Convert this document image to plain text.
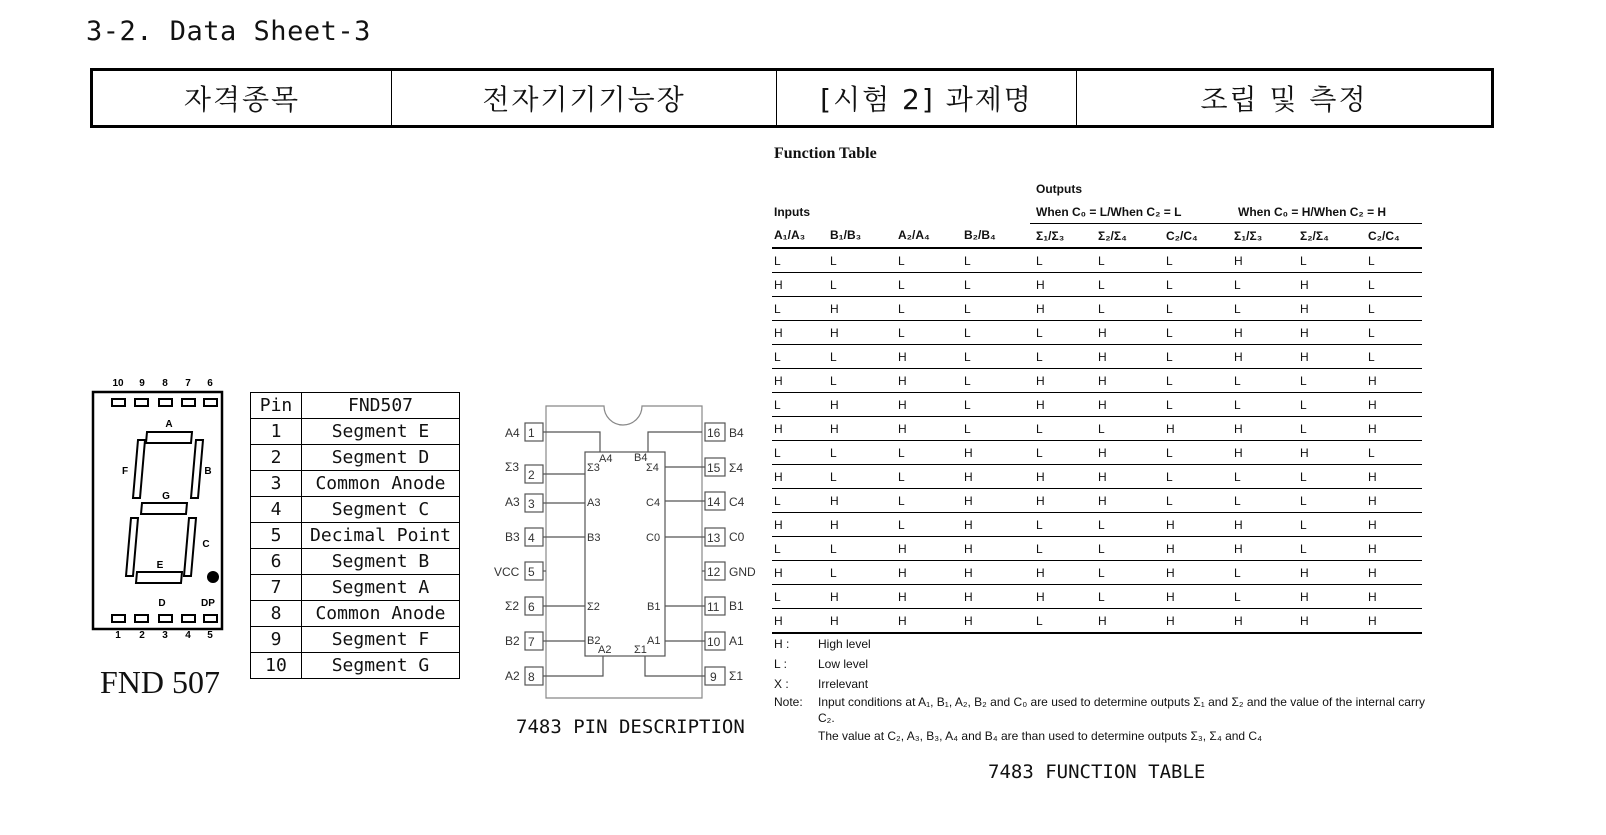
3-2. Data Sheet-3
자격종목	전자기기기능장	[시험 2] 과제명	조립 및 측정
10 9 8 7 6
A
B
C
D
E
F
G
DP
1 2 3 4 5
FND 507
Pin	FND507
1	Segment E
2	Segment D
3	Common Anode
4	Segment C
5	Decimal Point
6	Segment B
7	Segment A
8	Common Anode
9	Segment F
10	Segment G
1
2
3
4
5
6
7
8
16
15
14
13
12
11
10
9
A4
Σ3
A3
B3
VCC
Σ2
B2
A2
B4
Σ4
C4
C0
GND
B1
A1
Σ1
A4 B4
Σ3	Σ4
A3	C4
B3	C0
Σ2	B1
B2	A1
A2 Σ1
7483 PIN DESCRIPTION
Function Table
				Outputs					
Inputs				When C₀ = L/When C₂ = L			When C₀ = H/When C₂ = H		
A₁/A₃	B₁/B₃	A₂/A₄	B₂/B₄	Σ₁/Σ₃	Σ₂/Σ₄	C₂/C₄	Σ₁/Σ₃	Σ₂/Σ₄	C₂/C₄
L	L	L	L	L	L	L	H	L	L
H	L	L	L	H	L	L	L	H	L
L	H	L	L	H	L	L	L	H	L
H	H	L	L	L	H	L	H	H	L
L	L	H	L	L	H	L	H	H	L
H	L	H	L	H	H	L	L	L	H
L	H	H	L	H	H	L	L	L	H
H	H	H	L	L	L	H	H	L	H
L	L	L	H	L	H	L	H	H	L
H	L	L	H	H	H	L	L	L	H
L	H	L	H	H	H	L	L	L	H
H	H	L	H	L	L	H	H	L	H
L	L	H	H	L	L	H	H	L	H
H	L	H	H	H	L	H	L	H	H
L	H	H	H	H	L	H	L	H	H
H	H	H	H	L	H	H	H	H	H
H : High level
L :	Low level
X : Irrelevant
Note: Input conditions at A₁, B₁, A₂, B₂ and C₀ are used to determine outputs Σ₁ and Σ₂ and the value of the internal carry C₂.
The value at C₂, A₃, B₃, A₄ and B₄ are than used to determine outputs Σ₃, Σ₄ and C₄
7483 FUNCTION TABLE
